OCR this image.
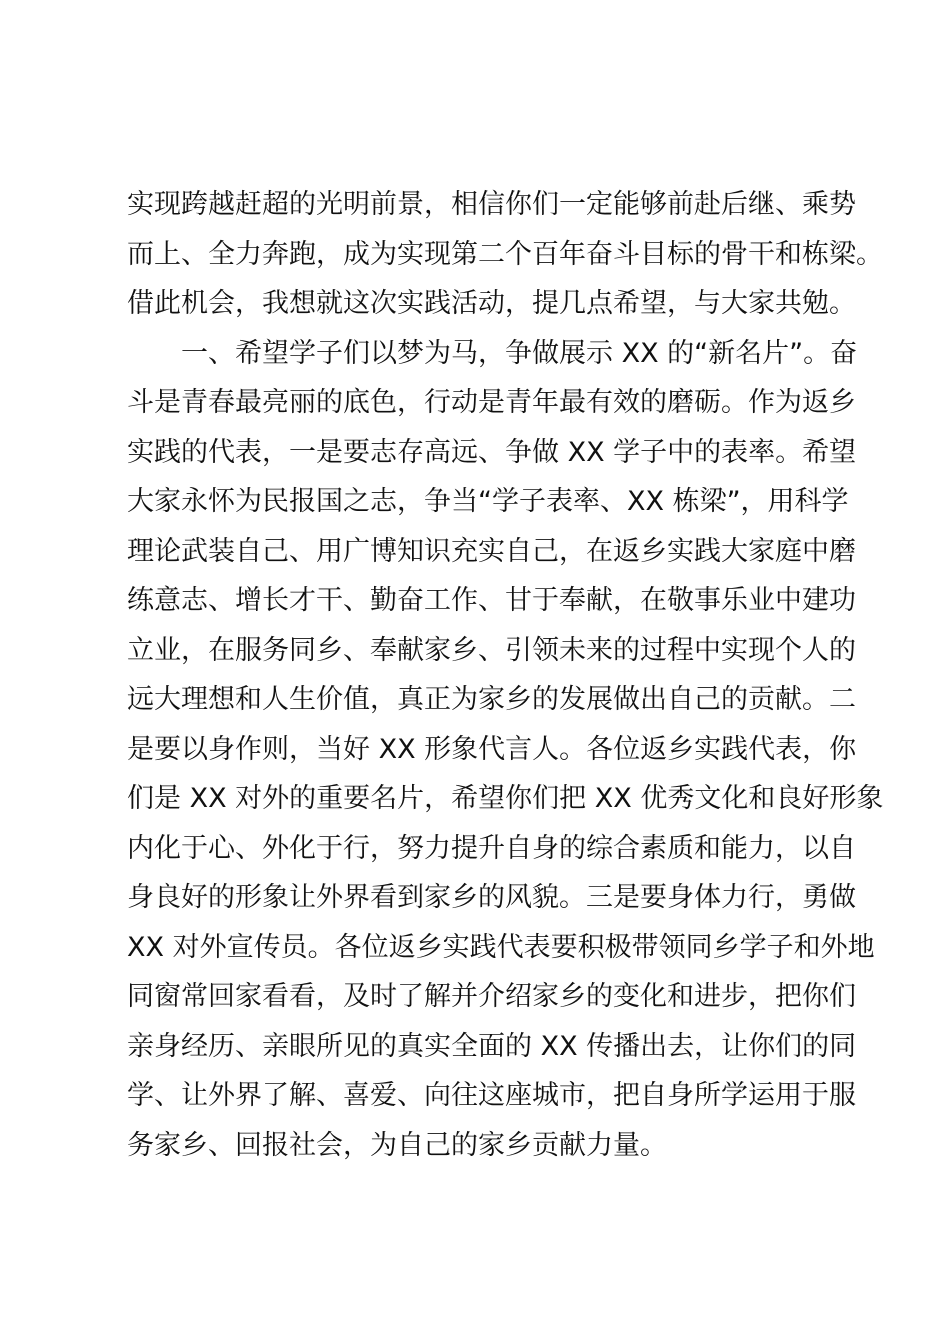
实现跨越赶超的光明前景，相信你们一定能够前赴后继、乘势
而上、全力奔跑，成为实现第二个百年奋斗目标的骨干和栋梁。
借此机会，我想就这次实践活动，提几点希望，与大家共勉。
　　一、希望学子们以梦为马，争做展示 XX 的“新名片”。奋
斗是青春最亮丽的底色，行动是青年最有效的磨砺。作为返乡
实践的代表，一是要志存高远、争做 XX 学子中的表率。希望
大家永怀为民报国之志，争当“学子表率、XX 栋梁”，用科学
理论武装自己、用广博知识充实自己，在返乡实践大家庭中磨
练意志、增长才干、勤奋工作、甘于奉献，在敬事乐业中建功
立业，在服务同乡、奉献家乡、引领未来的过程中实现个人的
远大理想和人生价值，真正为家乡的发展做出自己的贡献。二
是要以身作则，当好 XX 形象代言人。各位返乡实践代表，你
们是 XX 对外的重要名片，希望你们把 XX 优秀文化和良好形象
内化于心、外化于行，努力提升自身的综合素质和能力，以自
身良好的形象让外界看到家乡的风貌。三是要身体力行，勇做
XX 对外宣传员。各位返乡实践代表要积极带领同乡学子和外地
同窗常回家看看，及时了解并介绍家乡的变化和进步，把你们
亲身经历、亲眼所见的真实全面的 XX 传播出去，让你们的同
学、让外界了解、喜爱、向往这座城市，把自身所学运用于服
务家乡、回报社会，为自己的家乡贡献力量。
